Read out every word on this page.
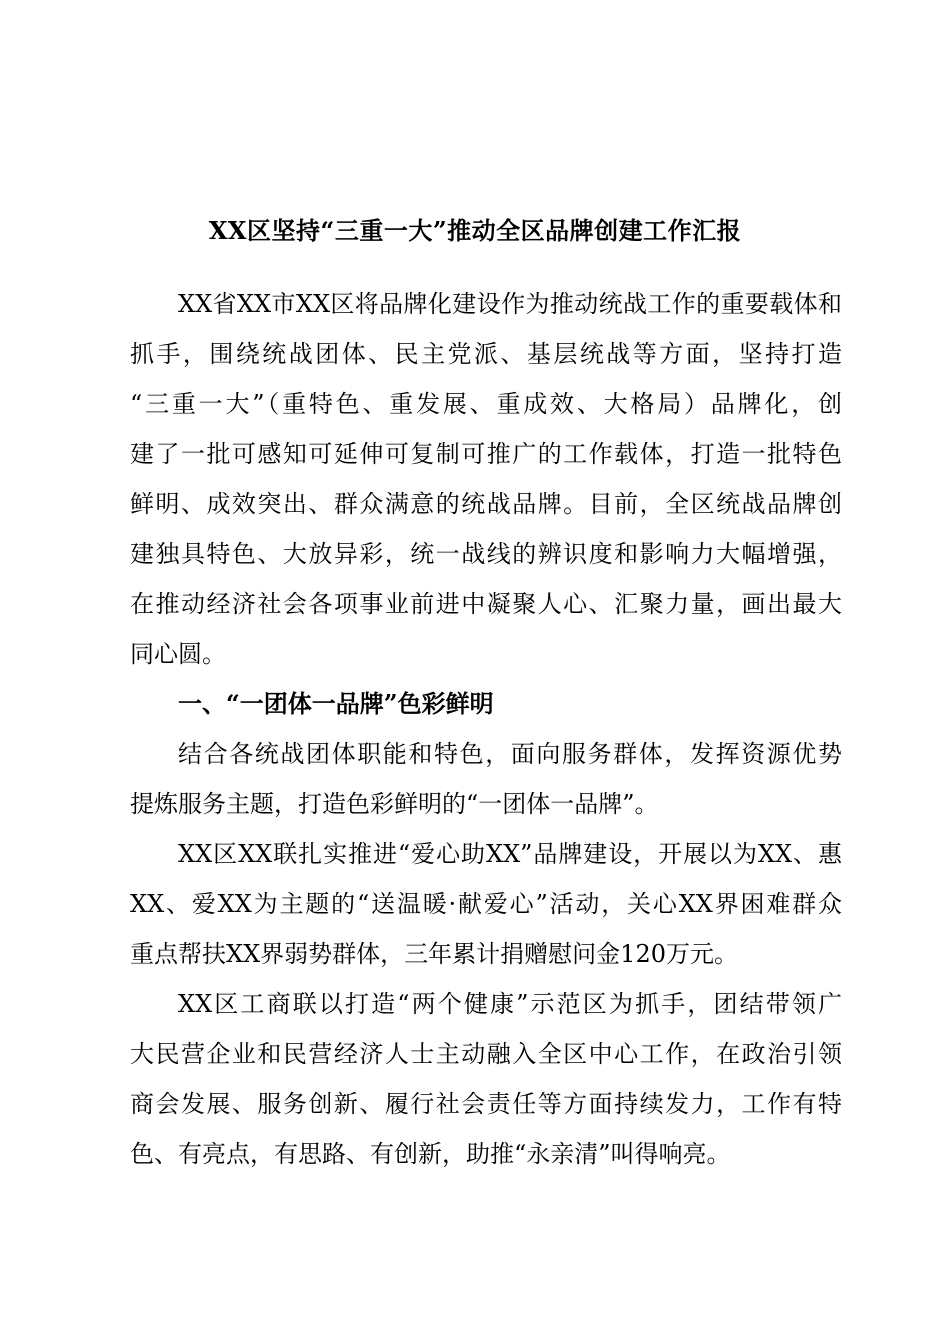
XX区坚持“三重一大”推动全区品牌创建工作汇报
XX省XX市XX区将品牌化建设作为推动统战工作的重要载体和
抓手，围绕统战团体、民主党派、基层统战等方面，坚持打造
“三重一大”（重特色、重发展、重成效、大格局）品牌化，创
建了一批可感知可延伸可复制可推广的工作载体，打造一批特色
鲜明、成效突出、群众满意的统战品牌。目前，全区统战品牌创
建独具特色、大放异彩，统一战线的辨识度和影响力大幅增强，
在推动经济社会各项事业前进中凝聚人心、汇聚力量，画出最大
同心圆。
一、“一团体一品牌”色彩鲜明
结合各统战团体职能和特色，面向服务群体，发挥资源优势
提炼服务主题，打造色彩鲜明的“一团体一品牌”。
XX区XX联扎实推进“爱心助XX”品牌建设，开展以为XX、惠
XX、爱XX为主题的“送温暖·献爱心”活动，关心XX界困难群众
重点帮扶XX界弱势群体，三年累计捐赠慰问金120万元。
XX区工商联以打造“两个健康”示范区为抓手，团结带领广
大民营企业和民营经济人士主动融入全区中心工作，在政治引领
商会发展、服务创新、履行社会责任等方面持续发力，工作有特
色、有亮点，有思路、有创新，助推“永亲清”叫得响亮。
